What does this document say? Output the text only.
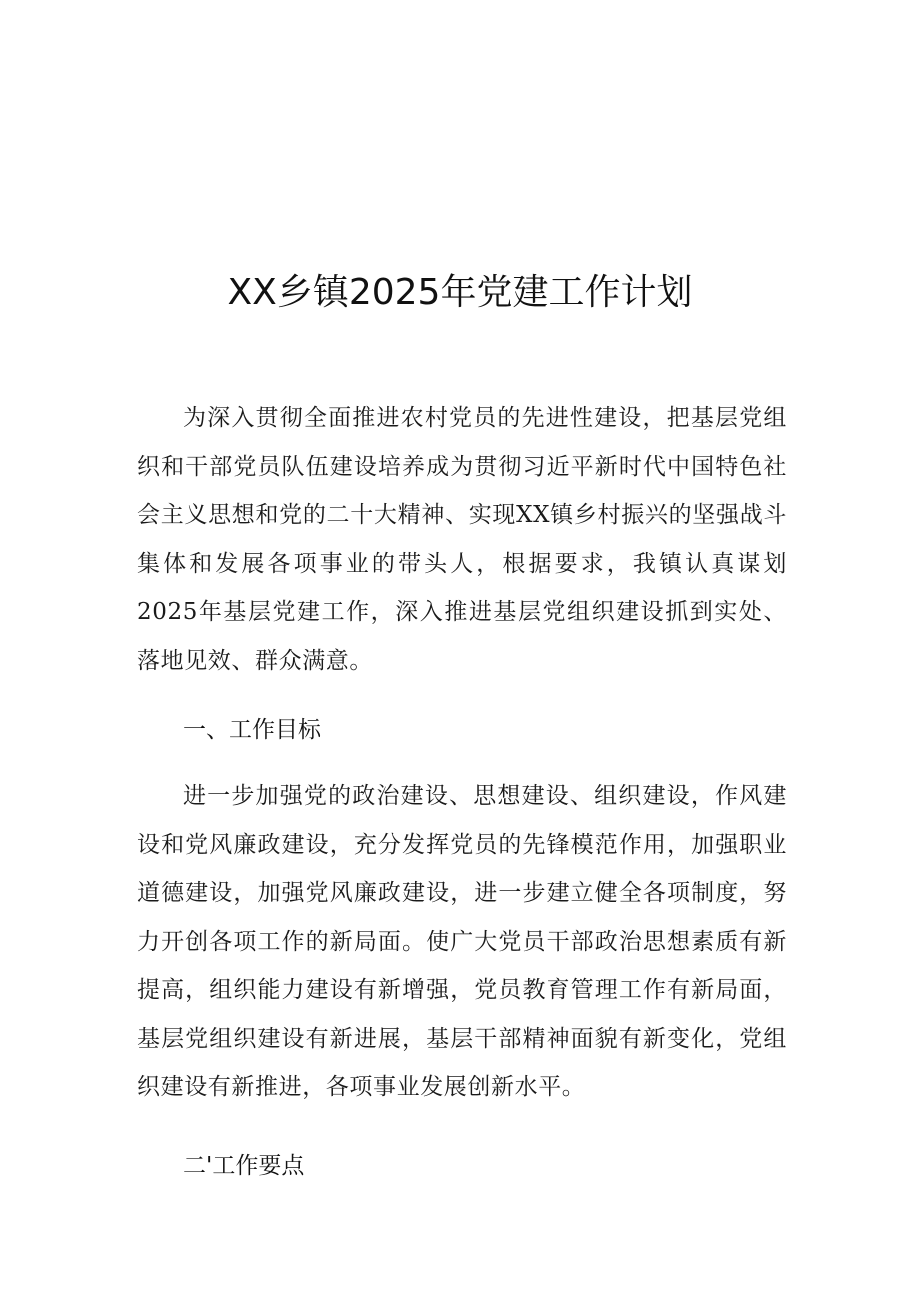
XX乡镇2025年党建工作计划

为深入贯彻全面推进农村党员的先进性建设，把基层党组织和干部党员队伍建设培养成为贯彻习近平新时代中国特色社会主义思想和党的二十大精神、实现XX镇乡村振兴的坚强战斗集体和发展各项事业的带头人，根据要求，我镇认真谋划2025年基层党建工作，深入推进基层党组织建设抓到实处、落地见效、群众满意。

一、工作目标

进一步加强党的政治建设、思想建设、组织建设，作风建设和党风廉政建设，充分发挥党员的先锋模范作用，加强职业道德建设，加强党风廉政建设，进一步建立健全各项制度，努力开创各项工作的新局面。使广大党员干部政治思想素质有新提高，组织能力建设有新增强，党员教育管理工作有新局面，基层党组织建设有新进展，基层干部精神面貌有新变化，党组织建设有新推进，各项事业发展创新水平。

二'工作要点
